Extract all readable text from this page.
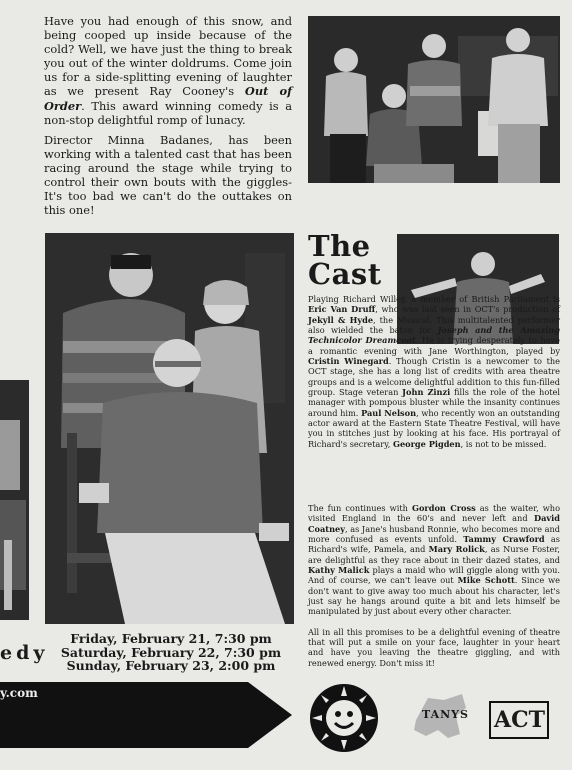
Have you had enough of this snow, and being cooped up inside because of the cold? Well, we have just the thing to break you out of the winter doldrums. Come join us for a side-splitting evening of laughter as we present Ray Cooney's Out of Order. This award winning comedy is a non-stop delightful romp of lunacy.

Director Minna Badanes, has been working with a talented cast that has been racing around the stage while trying to control their own bouts with the giggles- It's too bad we can't do the outtakes on this one!

The
Cast

Playing Richard Willey, a member of British Parliament is Eric Van Druff, who was last seen in OCT's production of Jekyll & Hyde, the Musical. This multitalented performer also wielded the baton for Joseph and the Amazing Technicolor Dreamcoat. He is trying desperately to have a romantic evening with Jane Worthington, played by Cristin Winegard. Though Cristin is a newcomer to the OCT stage, she has a long list of credits with area theatre groups and is a welcome delightful addition to this fun-filled group. Stage veteran John Zinzi fills the role of the hotel manager with pompous bluster while the insanity continues around him. Paul Nelson, who recently won an outstanding actor award at the Eastern State Theatre Festival, will have you in stitches just by looking at his face. His portrayal of Richard's secretary, George Pigden, is not to be missed.

The fun continues with Gordon Cross as the waiter, who visited England in the 60's and never left and David Coatney, as Jane's husband Ronnie, who becomes more and more confused as events unfold. Tammy Crawford as Richard's wife, Pamela, and Mary Rolick, as Nurse Foster, are delightful as they race about in their dazed states, and Kathy Malick plays a maid who will giggle along with you. And of course, we can't leave out Mike Schott. Since we don't want to give away too much about his character, let's just say he hangs around quite a bit and lets himself be manipulated by just about every other character.

All in all this promises to be a delightful evening of theatre that will put a smile on your face, laughter in your heart and have you leaving the theatre giggling, and with renewed energy. Don't miss it!

Friday, February 21, 7:30 pm
Saturday, February 22, 7:30 pm
Sunday, February 23, 2:00 pm
edy
y.com
TANYS ACT
